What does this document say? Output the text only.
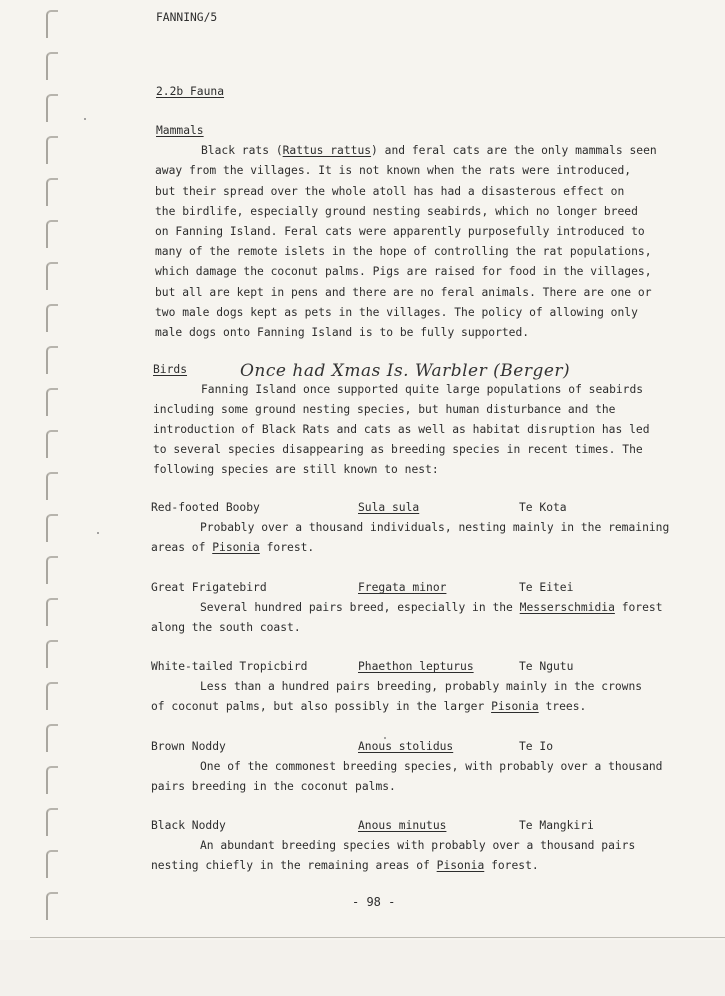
FANNING/5
2.2b Fauna
Mammals
Black rats (Rattus rattus) and feral cats are the only mammals seen
away from the villages. It is not known when the rats were introduced,
but their spread over the whole atoll has had a disasterous effect on
the birdlife, especially ground nesting seabirds, which no longer breed
on Fanning Island. Feral cats were apparently purposefully introduced to
many of the remote islets in the hope of controlling the rat populations,
which damage the coconut palms. Pigs are raised for food in the villages,
but all are kept in pens and there are no feral animals. There are one or
two male dogs kept as pets in the villages. The policy of allowing only
male dogs onto Fanning Island is to be fully supported.
Birds	Once had Xmas Is. Warbler (Berger)
Fanning Island once supported quite large populations of seabirds
including some ground nesting species, but human disturbance and the
introduction of Black Rats and cats as well as habitat disruption has led
to several species disappearing as breeding species in recent times. The
following species are still known to nest:
Red-footed Booby	Sula sula	Te Kota
Probably over a thousand individuals, nesting mainly in the remaining
areas of Pisonia forest.
Great Frigatebird	Fregata minor	Te Eitei
Several hundred pairs breed, especially in the Messerschmidia forest
along the south coast.
White-tailed Tropicbird	Phaethon lepturus	Te Ngutu
Less than a hundred pairs breeding, probably mainly in the crowns
of coconut palms, but also possibly in the larger Pisonia trees.
Brown Noddy	Anous stolidus	Te Io
One of the commonest breeding species, with probably over a thousand
pairs breeding in the coconut palms.
Black Noddy	Anous minutus	Te Mangkiri
An abundant breeding species with probably over a thousand pairs
nesting chiefly in the remaining areas of Pisonia forest.
- 98 -
